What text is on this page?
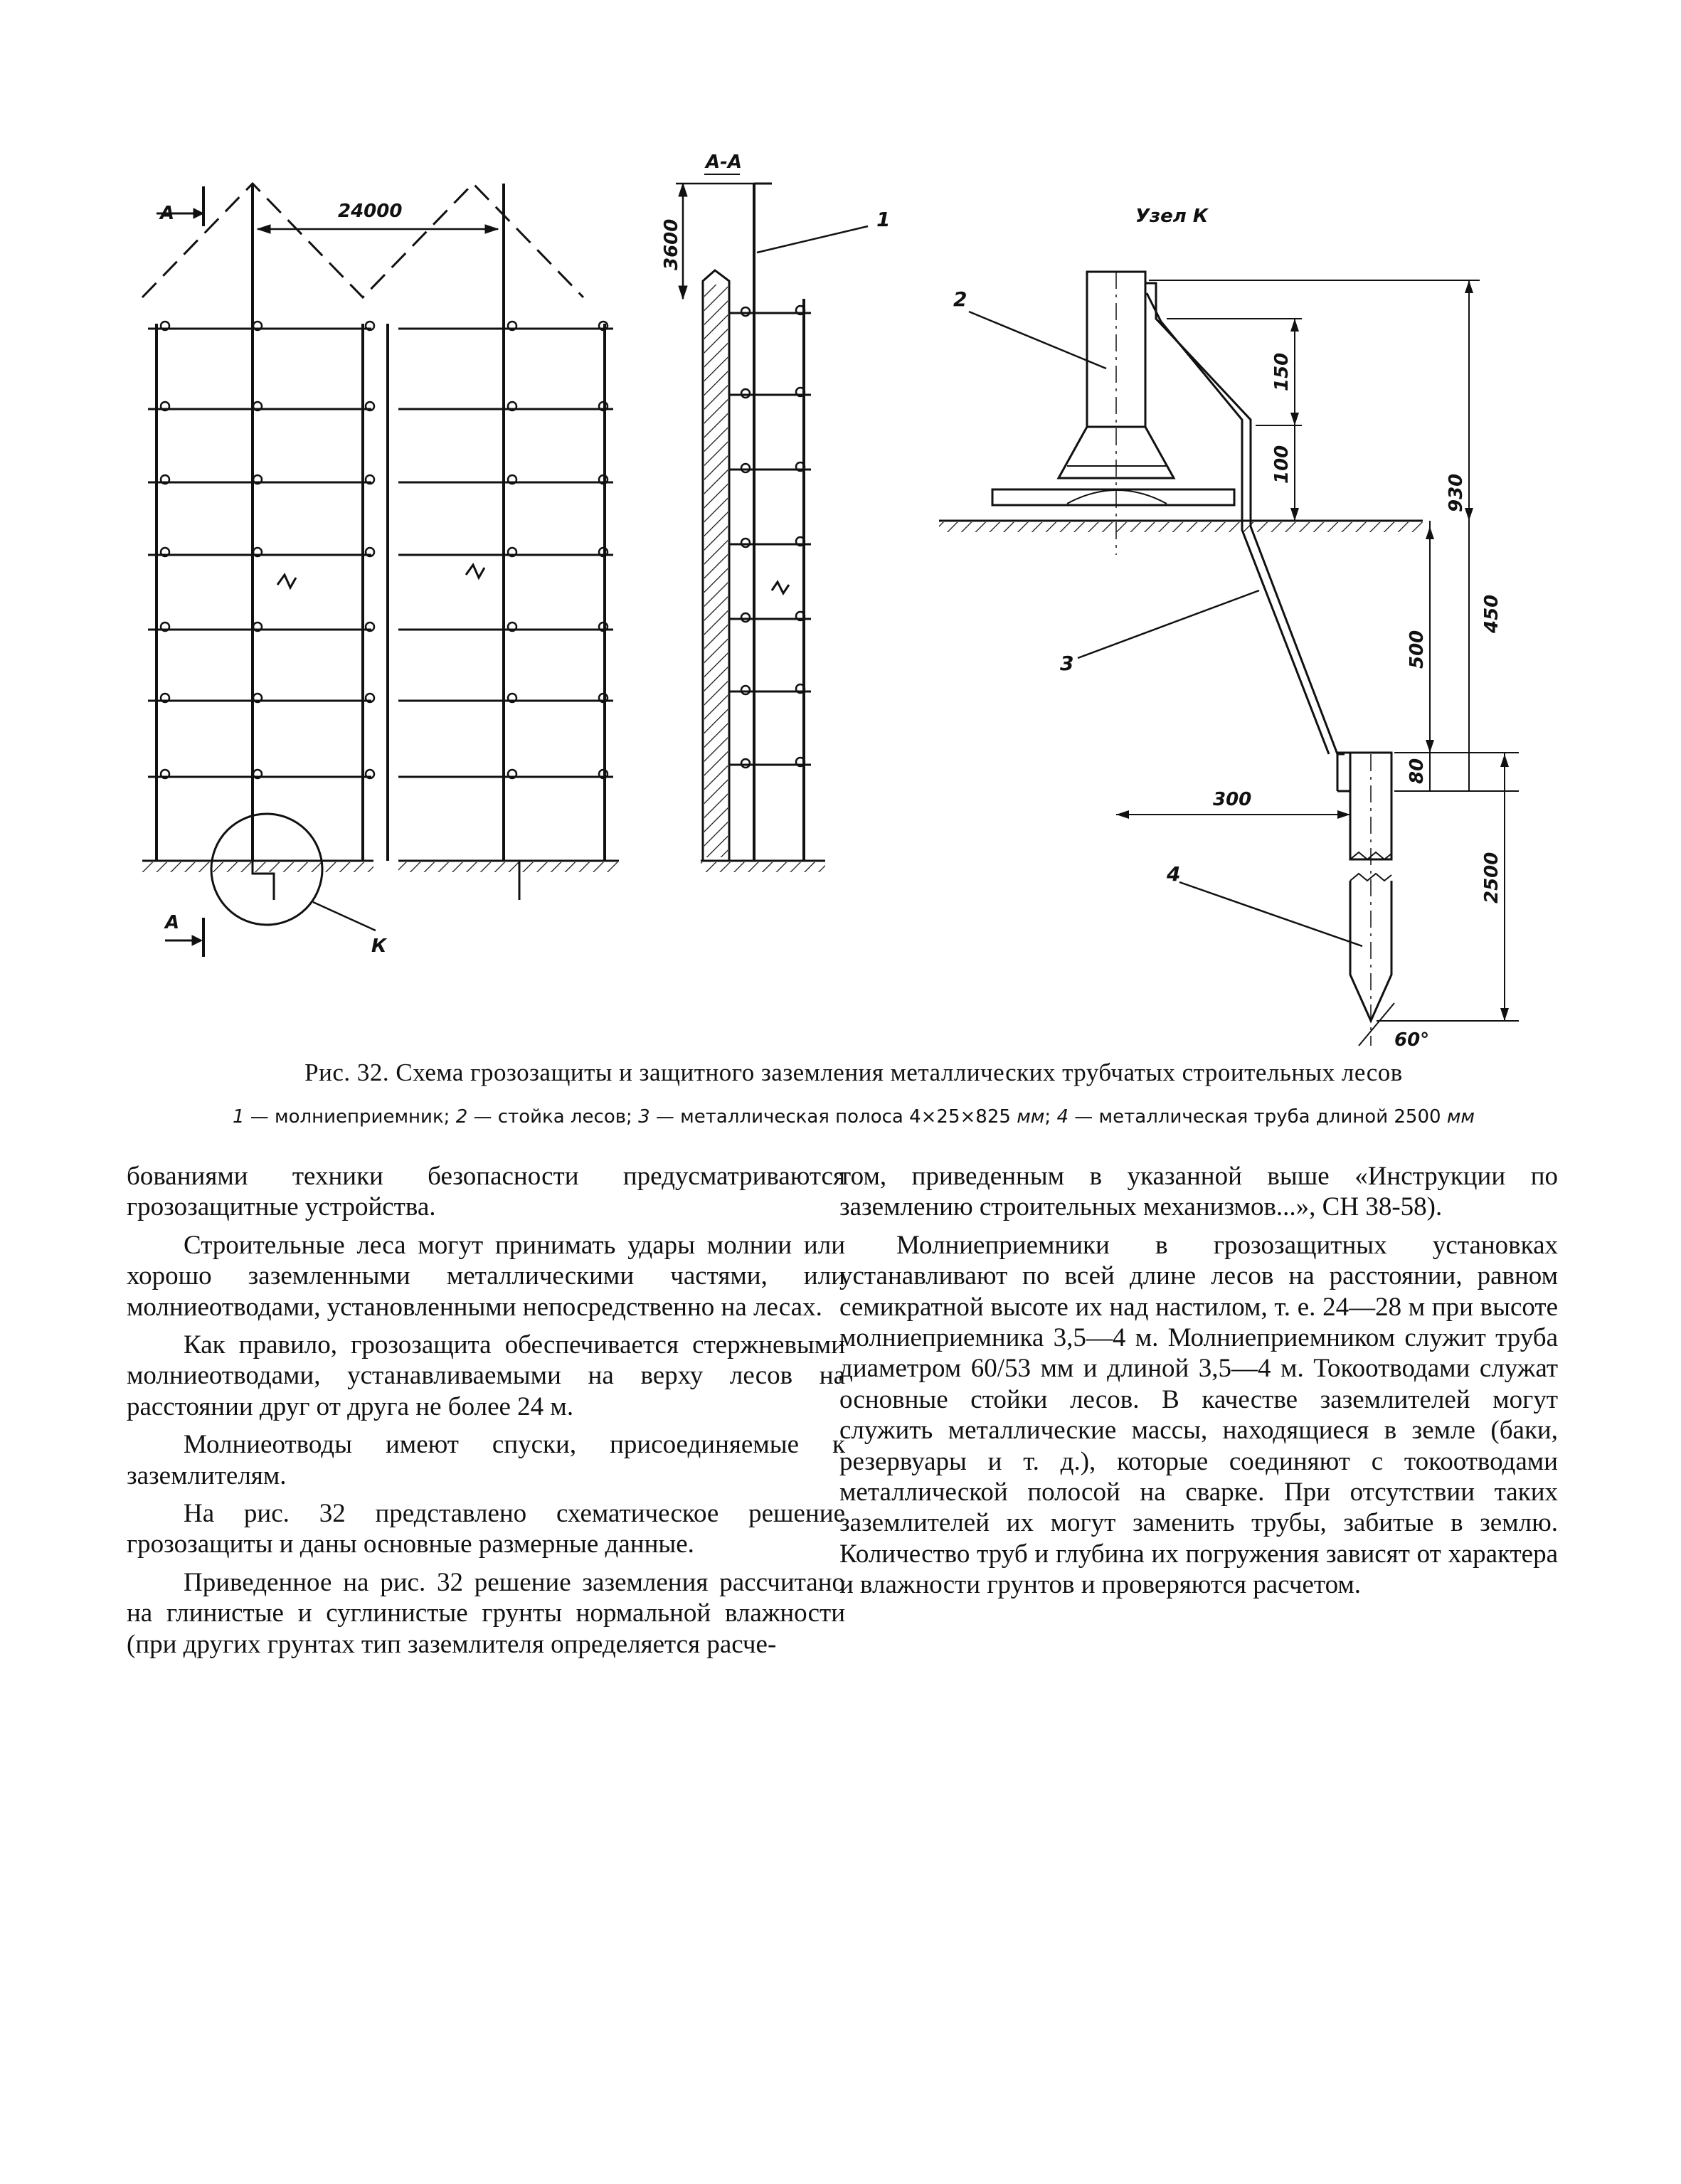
24000
А
А
К
А-А
3600	1	Узел К
2
3
4
150
100
930
500
450
300
80
2500
60°
Рис. 32. Схема грозозащиты и защитного заземления металлических трубчатых строительных лесов
1 — молниеприемник; 2 — стойка лесов; 3 — металлическая полоса 4×25×825 мм; 4 — металлическая труба длиной 2500 мм

бованиями техники безопасности предусматриваются грозозащитные устройства.

Строительные леса могут принимать удары молнии или хорошо заземленными металлическими частями, или молниеотводами, установленными непосредственно на лесах.

Как правило, грозозащита обеспечивается стержневыми молниеотводами, устанавливаемыми на верху лесов на расстоянии друг от друга не более 24 м.

Молниеотводы имеют спуски, присоединяемые к заземлителям.

На рис. 32 представлено схематическое решение грозозащиты и даны основные размерные данные.

Приведенное на рис. 32 решение заземления рассчитано на глинистые и суглинистые грунты нормальной влажности (при других грунтах тип заземлителя определяется расче-

том, приведенным в указанной выше «Инструкции по заземлению строительных механизмов...», СН 38-58).

Молниеприемники в грозозащитных установках устанавливают по всей длине лесов на расстоянии, равном семикратной высоте их над настилом, т. е. 24—28 м при высоте молниеприемника 3,5—4 м. Молниеприемником служит труба диаметром 60/53 мм и длиной 3,5—4 м. Токоотводами служат основные стойки лесов. В качестве заземлителей могут служить металлические массы, находящиеся в земле (баки, резервуары и т. д.), которые соединяют с токоотводами металлической полосой на сварке. При отсутствии таких заземлителей их могут заменить трубы, забитые в землю. Количество труб и глубина их погружения зависят от характера и влажности грунтов и проверяются расчетом.
